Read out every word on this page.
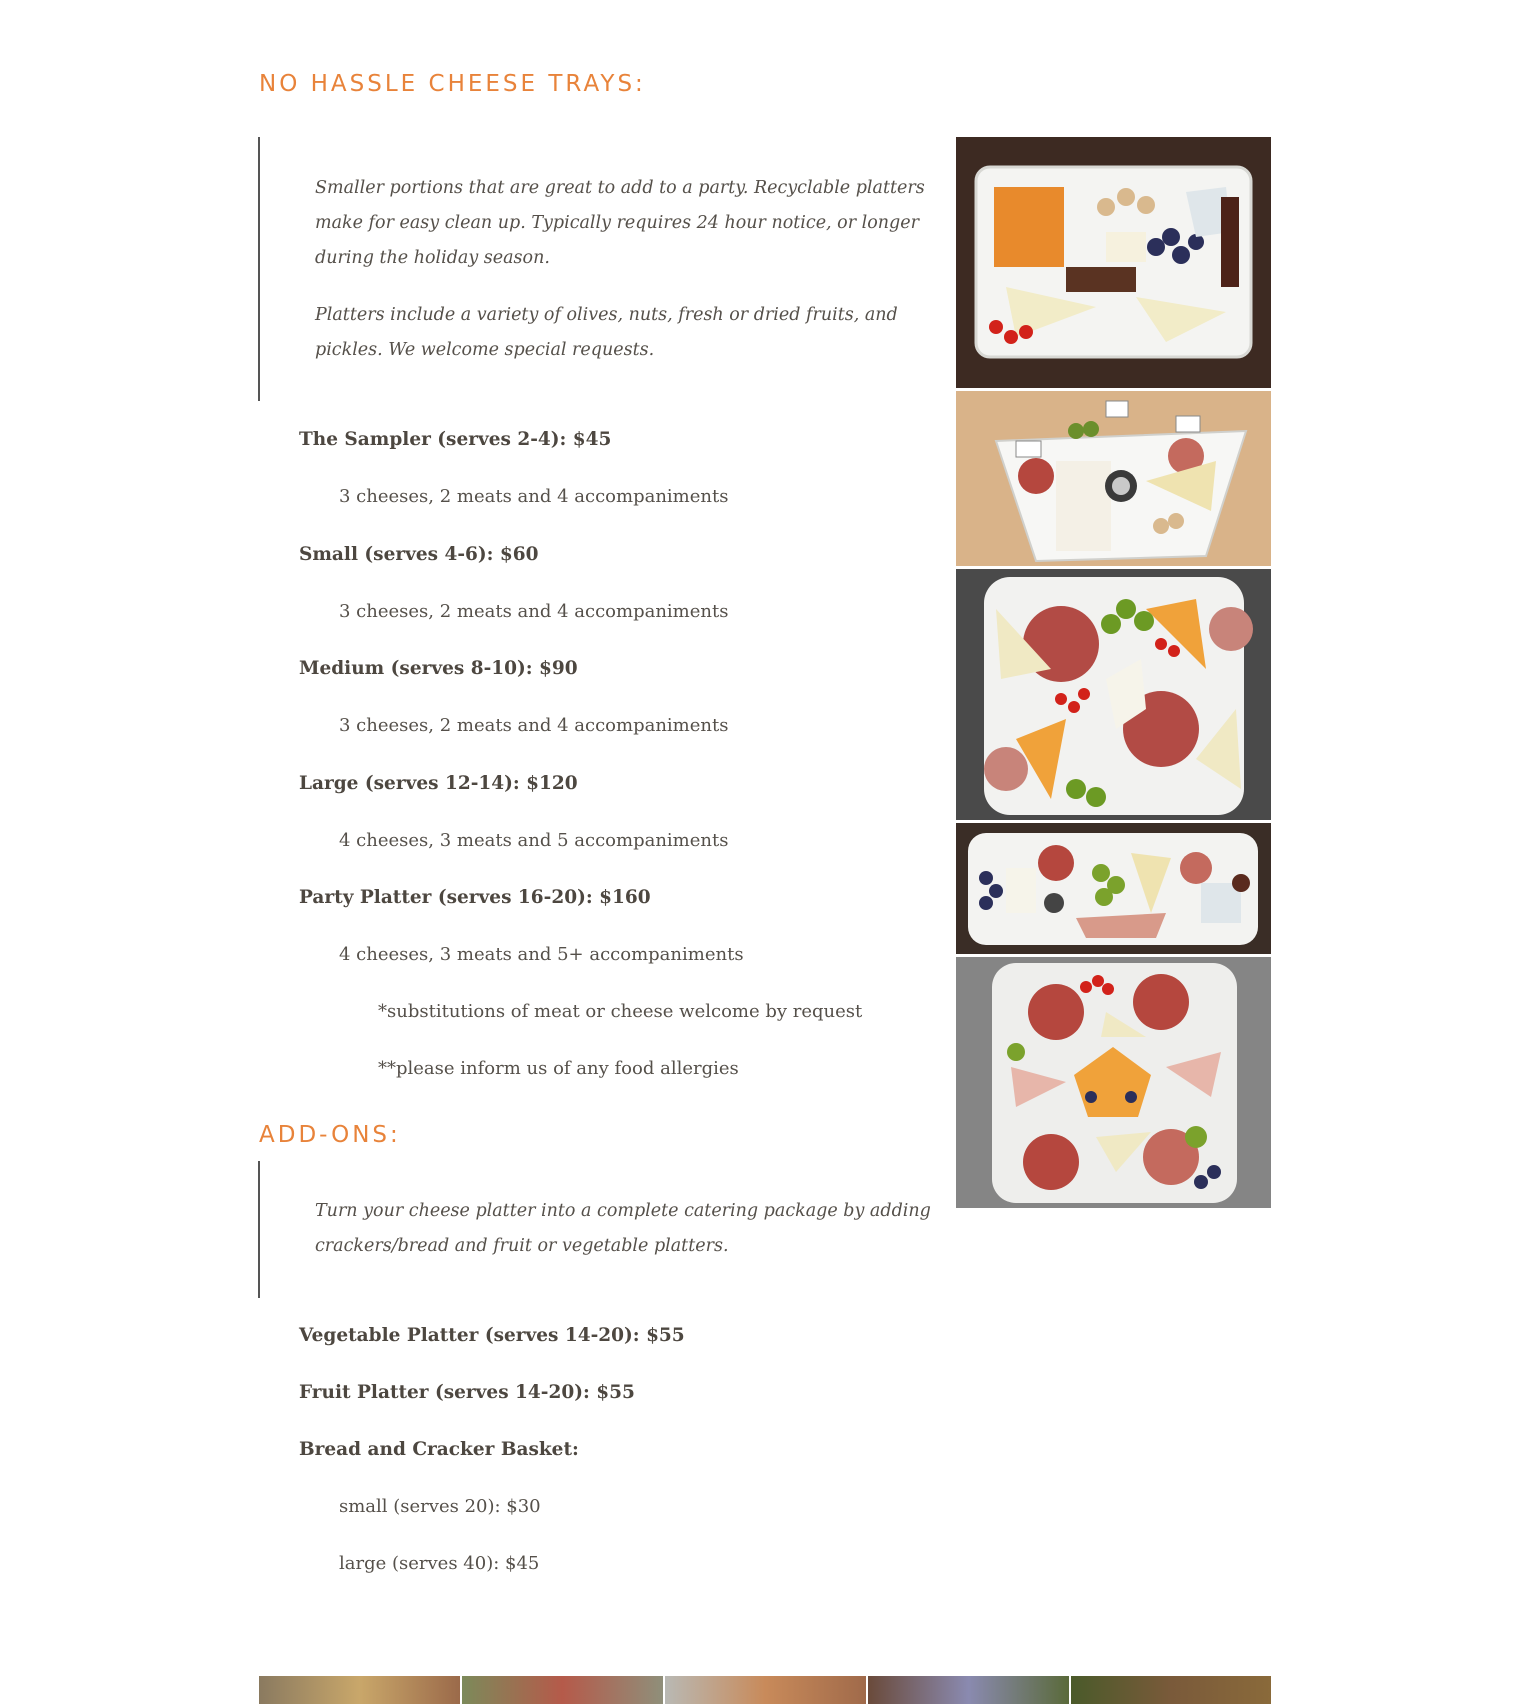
NO HASSLE CHEESE TRAYS:

Smaller portions that are great to add to a party. Recyclable platters make for easy clean up. Typically requires 24 hour notice, or longer during the holiday season.

Platters include a variety of olives, nuts, fresh or dried fruits, and pickles. We welcome special requests.

The Sampler (serves 2-4): $45

3 cheeses, 2 meats and 4 accompaniments

Small (serves 4-6): $60

3 cheeses, 2 meats and 4 accompaniments

Medium (serves 8-10): $90

3 cheeses, 2 meats and 4 accompaniments

Large (serves 12-14): $120

4 cheeses, 3 meats and 5 accompaniments

Party Platter (serves 16-20): $160

4 cheeses, 3 meats and 5+ accompaniments

*substitutions of meat or cheese welcome by request

**please inform us of any food allergies

ADD-ONS:

Turn your cheese platter into a complete catering package by adding crackers/bread and fruit or vegetable platters.

Vegetable Platter (serves 14-20): $55

Fruit Platter (serves 14-20): $55

Bread and Cracker Basket:

small (serves 20): $30

large (serves 40): $45
